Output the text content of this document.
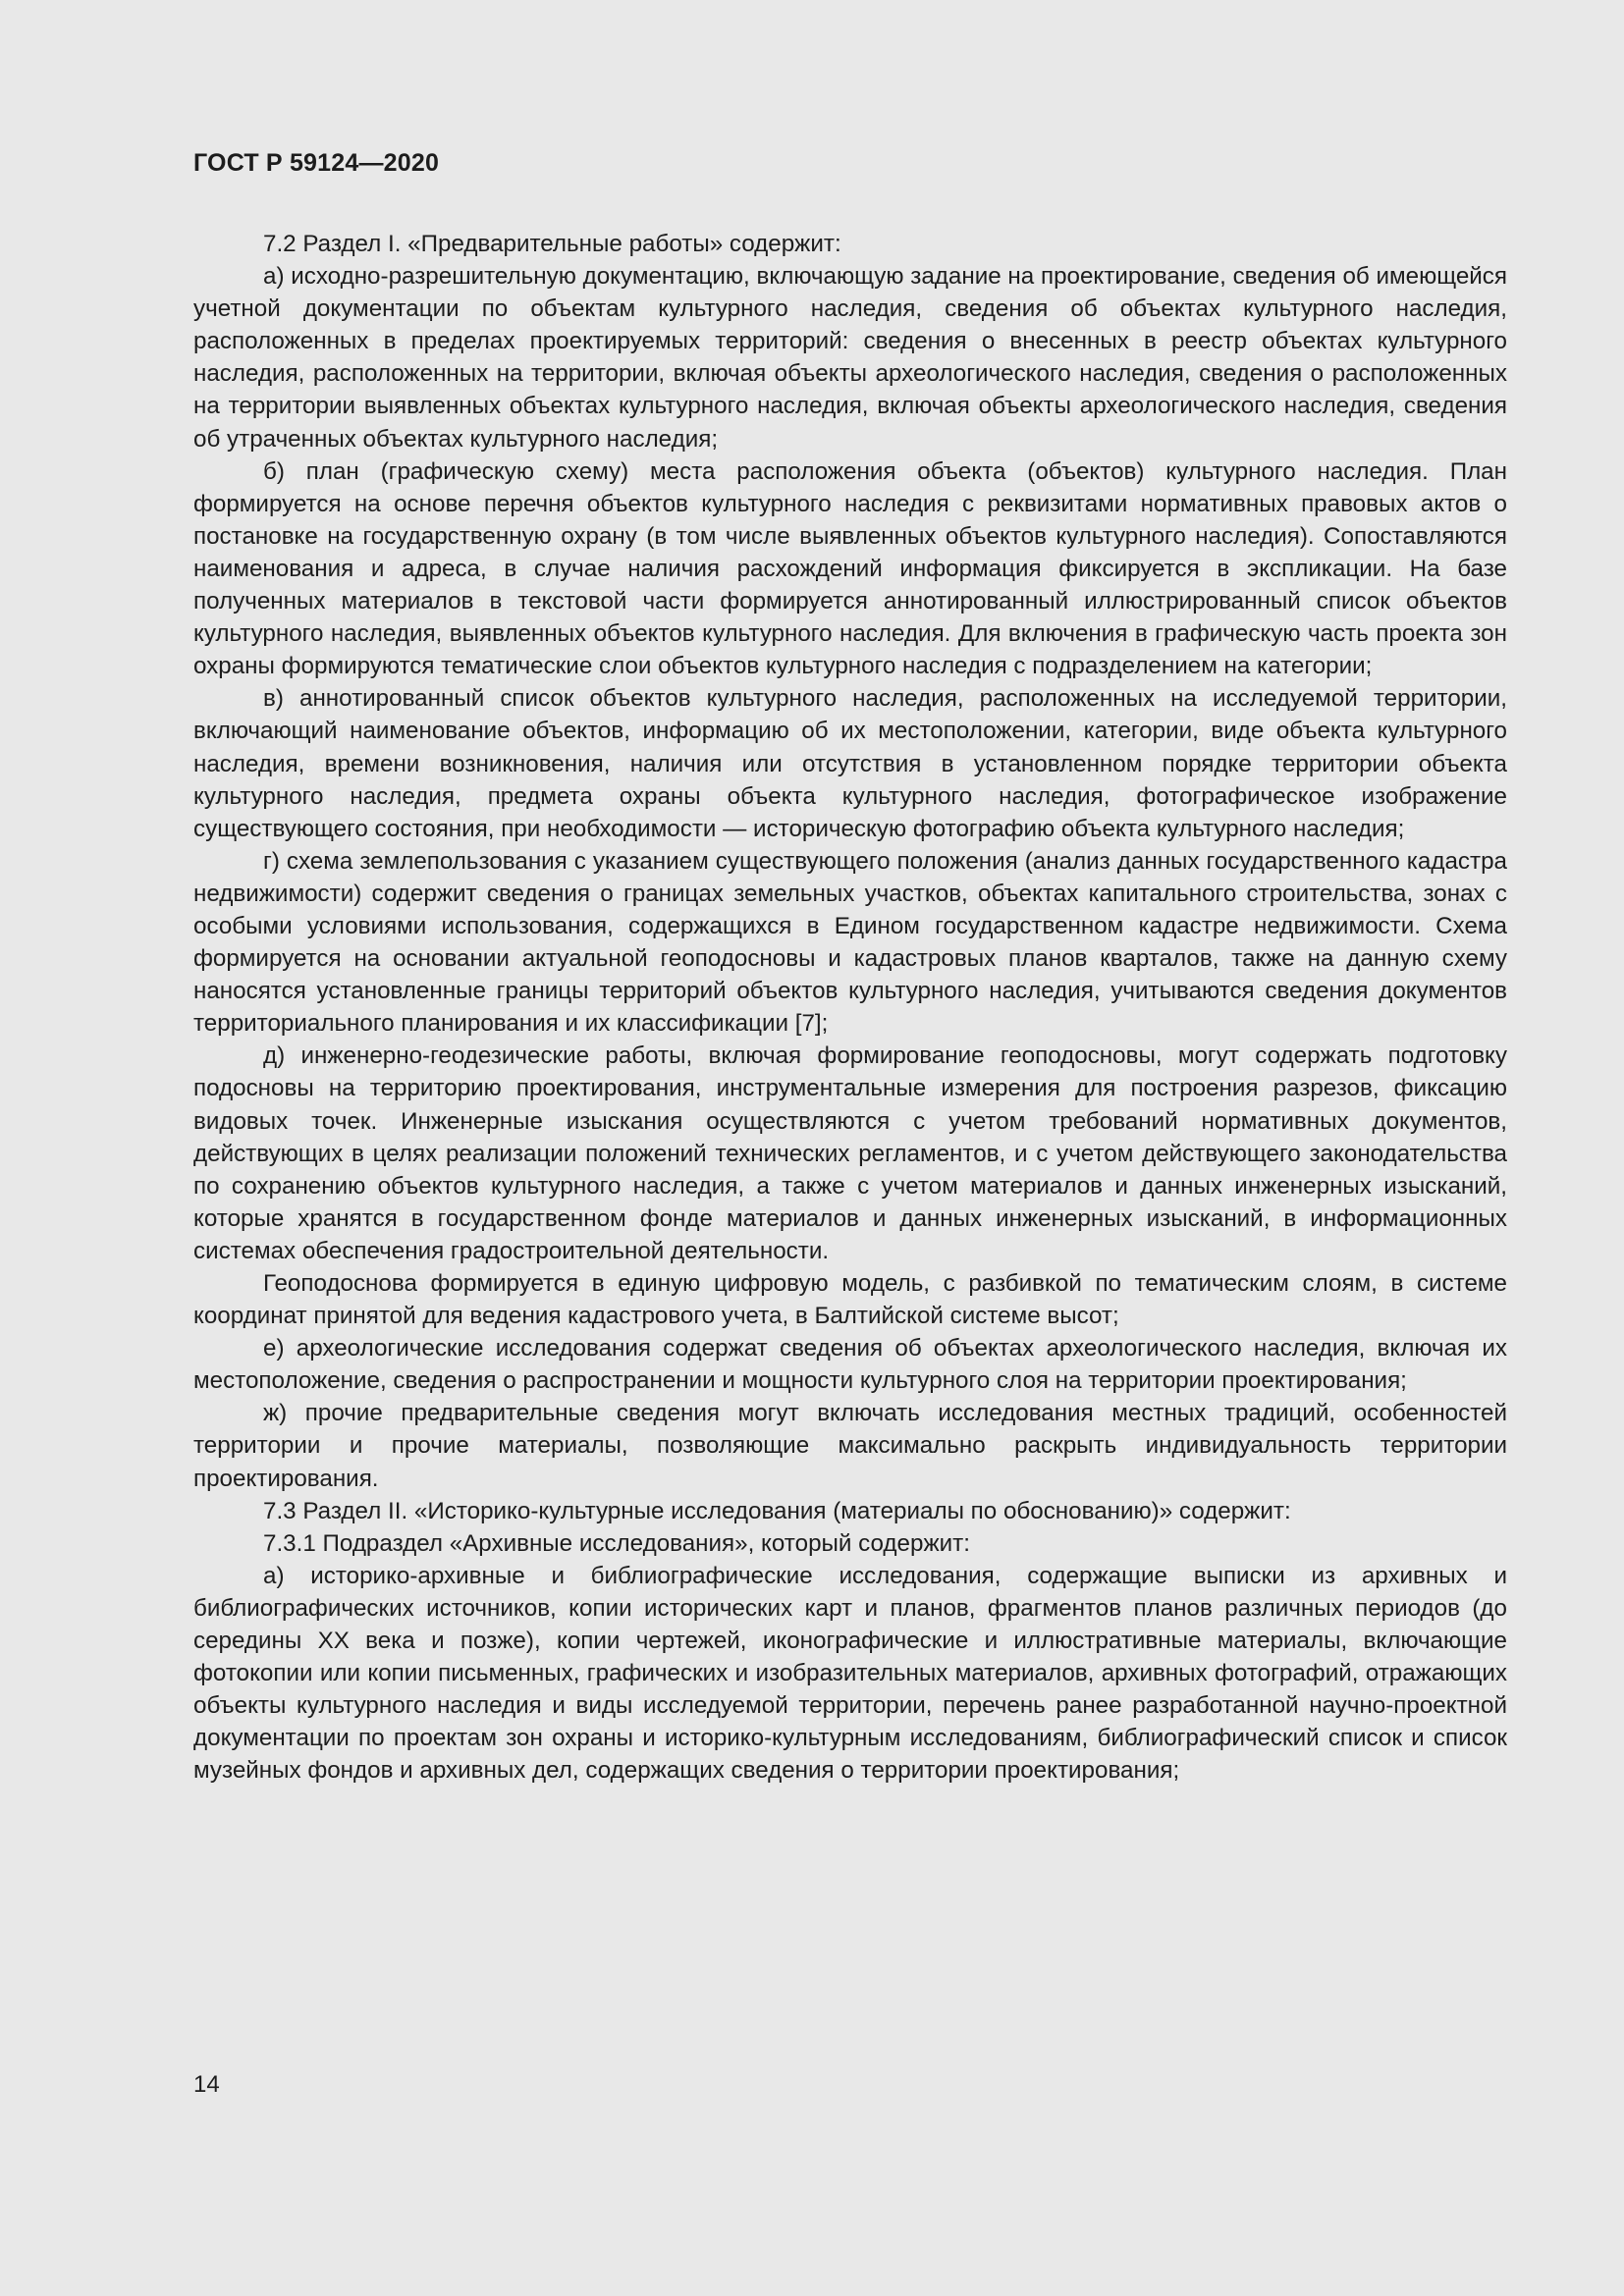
ГОСТ Р 59124—2020

7.2 Раздел I. «Предварительные работы» содержит:

а) исходно-разрешительную документацию, включающую задание на проектирование, сведения об имеющейся учетной документации по объектам культурного наследия, сведения об объектах культурного наследия, расположенных в пределах проектируемых территорий: сведения о внесенных в реестр объектах культурного наследия, расположенных на территории, включая объекты археологического наследия, сведения о расположенных на территории выявленных объектах культурного наследия, включая объекты археологического наследия, сведения об утраченных объектах культурного наследия;

б) план (графическую схему) места расположения объекта (объектов) культурного наследия. План формируется на основе перечня объектов культурного наследия с реквизитами нормативных правовых актов о постановке на государственную охрану (в том числе выявленных объектов культурного наследия). Сопоставляются наименования и адреса, в случае наличия расхождений информация фиксируется в экспликации. На базе полученных материалов в текстовой части формируется аннотированный иллюстрированный список объектов культурного наследия, выявленных объектов культурного наследия. Для включения в графическую часть проекта зон охраны формируются тематические слои объектов культурного наследия с подразделением на категории;

в) аннотированный список объектов культурного наследия, расположенных на исследуемой территории, включающий наименование объектов, информацию об их местоположении, категории, виде объекта культурного наследия, времени возникновения, наличия или отсутствия в установленном порядке территории объекта культурного наследия, предмета охраны объекта культурного наследия, фотографическое изображение существующего состояния, при необходимости — историческую фотографию объекта культурного наследия;

г) схема землепользования с указанием существующего положения (анализ данных государственного кадастра недвижимости) содержит сведения о границах земельных участков, объектах капитального строительства, зонах с особыми условиями использования, содержащихся в Едином государственном кадастре недвижимости. Схема формируется на основании актуальной геоподосновы и кадастровых планов кварталов, также на данную схему наносятся установленные границы территорий объектов культурного наследия, учитываются сведения документов территориального планирования и их классификации [7];

д) инженерно-геодезические работы, включая формирование геоподосновы, могут содержать подготовку подосновы на территорию проектирования, инструментальные измерения для построения разрезов, фиксацию видовых точек. Инженерные изыскания осуществляются с учетом требований нормативных документов, действующих в целях реализации положений технических регламентов, и с учетом действующего законодательства по сохранению объектов культурного наследия, а также с учетом материалов и данных инженерных изысканий, которые хранятся в государственном фонде материалов и данных инженерных изысканий, в информационных системах обеспечения градостроительной деятельности.

Геоподоснова формируется в единую цифровую модель, с разбивкой по тематическим слоям, в системе координат принятой для ведения кадастрового учета, в Балтийской системе высот;

е) археологические исследования содержат сведения об объектах археологического наследия, включая их местоположение, сведения о распространении и мощности культурного слоя на территории проектирования;

ж) прочие предварительные сведения могут включать исследования местных традиций, особенностей территории и прочие материалы, позволяющие максимально раскрыть индивидуальность территории проектирования.

7.3 Раздел II. «Историко-культурные исследования (материалы по обоснованию)» содержит:

7.3.1 Подраздел «Архивные исследования», который содержит:

а) историко-архивные и библиографические исследования, содержащие выписки из архивных и библиографических источников, копии исторических карт и планов, фрагментов планов различных периодов (до середины XX века и позже), копии чертежей, иконографические и иллюстративные материалы, включающие фотокопии или копии письменных, графических и изобразительных материалов, архивных фотографий, отражающих объекты культурного наследия и виды исследуемой территории, перечень ранее разработанной научно-проектной документации по проектам зон охраны и историко-культурным исследованиям, библиографический список и список музейных фондов и архивных дел, содержащих сведения о территории проектирования;

14
